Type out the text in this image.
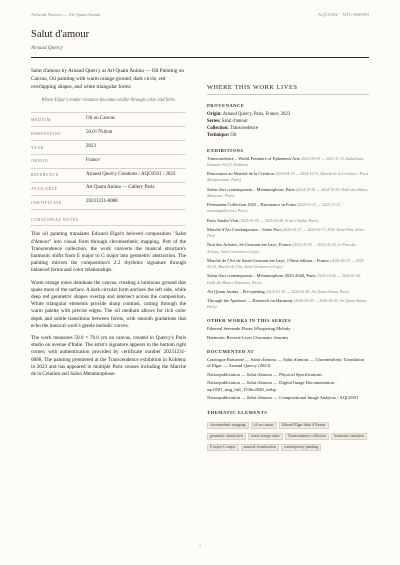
Artwork Notices — Art Quam Anima	AQC0502 · NTC-000699
Salut d'amour
Arnaud Quercy
Salut d'amour by Arnaud Quercy at Art Quam Anima — Oil Painting on Canvas, Oil painting with warm orange ground, dark circle, red overlapping shapes, and white triangular forms
Where Elgar's tender romance becomes visible through color and form.
MEDIUM	Oil on Canvas
DIMENSIONS	50.0×70.0cm
YEAR	2023
ORIGIN	France
REFERENCE	Arnaud Quercy Creations / AQC0501 / 2023
AVAILABLE	Art Quam Anima — Gallery Paris
CERTIFICATE	20231231-0088
CURATORIAL NOTES

This oil painting translates Edward Elgar's beloved composition "Salut d'Amour" into visual form through chromesthetic mapping. Part of the Transcendence collection, the work converts the musical structure's harmonic shifts from E major to G major into geometric abstraction. The painting mirrors the composition's 2:2 rhythmic signature through balanced forms and color relationships.

Warm orange tones dominate the canvas, creating a luminous ground that spans most of the surface. A dark circular form anchors the left side, while deep red geometric shapes overlap and intersect across the composition. White triangular elements provide sharp contrast, cutting through the warm palette with precise edges. The oil medium allows for rich color depth and subtle transitions between forms, with smooth gradations that echo the musical work's gentle melodic curves.

The work measures 50.0 × 70.0 cm on canvas, created in Quercy's Paris studio on avenue d'Italie. The artist's signature appears in the bottom right corner, with authentication provided by certificate number 20231231-0088. The painting premiered at the Transcendence exhibition in Koblenz in 2023 and has appeared in multiple Paris venues including the Marché de la Création and Salon Metamorphose.

WHERE THIS WORK LIVES
PROVENANCE
Origin: Arnaud Quercy, Paris, France, 2023
Series: Salut d'amour
Collection: Transcendence
Technique: Oil
EXHIBITIONS
Transcendence – World Premiere of Ephemera Arts (2023-09-29 → 2023-11-13, Kulturbaus Kastanie-Ali-23, Koblenz)
Rencontres au Marché de la Création (2024-04-19 → 2024-12-31, Marché de la Création – Paris Montparnasse, Paris)
Salon d'art contemporain – Metamorphose, Paris (2024-10-26 → 2024-10-30, Halle des Blancs Manteaux, Paris)
Permanent Collection 2025 – Resonance in Form (2025-01-01 → 2025-12-31, artnoubgallery.net, Paris)
Paris Studio Visit (2025-01-09 → 2025-03-28, Artist's Studio, Paris)
Marché d'Art Contemporain – Seine Port (2025-05-17 → 2025-06-17, MAC Seine-Port, Seine-Port)
Nuit des Artistes, St-Germain-en-Laye, France (2025-05-18 → 2025-05-24, Le Pont des Artistes, Saint-Germain-en-Laye)
Marché de l'Art de Saint-Germain-en-Laye, 17ème édition – France (2025-06-14 → 2025-06-15, Marché de l'Art, Saint-Germain-en-Laye)
Salon d'art contemporain – Metamorphose 2025-2026, Paris (2025-12-26 → 2026-01-04, Halle des Blancs Manteaux, Paris)
Art Quam Anima – Pre-opening (2026-01-16 → 2026-02-26, Art Quam Anima, Paris)
Through the Aperture — Research on Harmony (2026-03-09 → 2026-06-30, Art Quam Anima, Paris)
OTHER WORKS IN THIS SERIES
Ethereal Serenade Flutes Whispering Melody
Harmonic Reverie Lives Chromatic Journey
DOCUMENTED AT
Catalogue Raisonné — Salut d'amour — Salut d'amour — Chromesthetic Translation of Elgar — Arnaud Quercy (2023)
Naissepublication — Salut d'amour — Physical Specifications
Naissepublication — Salut d'amour — Digital Image Documentation - aqc0501_img_full_1536x2048_webp
Naissepublication — Salut d'amour — Compositional Image Analysis - AQC0501
THEMATIC ELEMENTS
chromesthetic mapping oil on canvas Edward Elgar Salut d'Amourgeometric abstraction warm orange tones Transcendence collection harmonic transitionE major G major musical visualization contemporary painting
1
